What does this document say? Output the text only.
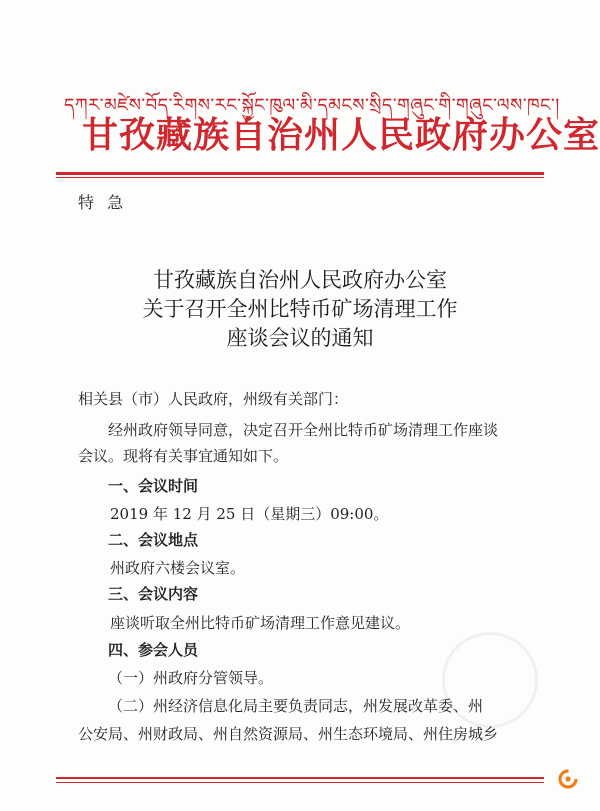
དཀར་མཛེས་བོད་རིགས་རང་སྐྱོང་ཁུལ་མི་དམངས་སྲིད་གཞུང་གི་གཞུང་ལས་ཁང་།
甘孜藏族自治州人民政府办公室
特 急
甘孜藏族自治州人民政府办公室
关于召开全州比特币矿场清理工作
座谈会议的通知
相关县（市）人民政府，州级有关部门：
经州政府领导同意，决定召开全州比特币矿场清理工作座谈
会议。现将有关事宜通知如下。
一、会议时间
2019 年 12 月 25 日（星期三）09:00。
二、会议地点
州政府六楼会议室。
三、会议内容
座谈听取全州比特币矿场清理工作意见建议。
四、参会人员
（一）州政府分管领导。
（二）州经济信息化局主要负责同志，州发展改革委、州
公安局、州财政局、州自然资源局、州生态环境局、州住房城乡
